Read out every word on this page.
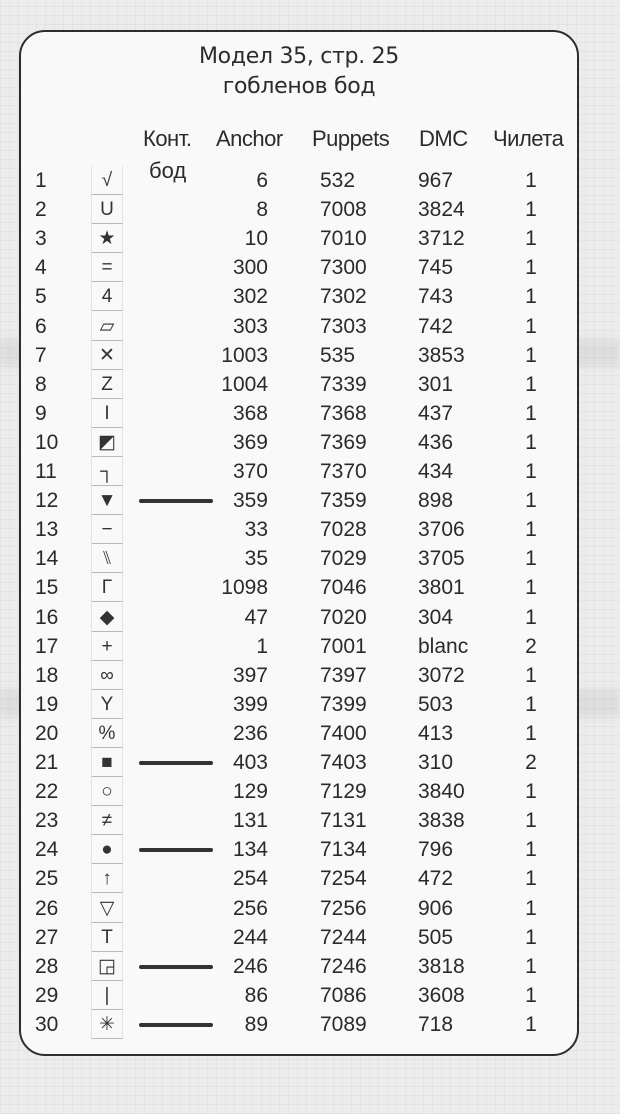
Модел 35, стр. 25
гобленов бод
Конт.
бод
Anchor Puppets DMC Чилета
1	√	6 532	967	1
2	U	8 7008 3824	1
3	★	10 7010 3712	1
4	=	300 7300 745	1
5	4	302 7302 743	1
6	▱	303 7303 742	1
7	✕	1003 535	3853	1
8	Z	1004 7339 301	1
9	I	368 7368 437	1
10	◩	369 7369 436	1
11	┐	370 7370 434	1
12	▼	359 7359 898	1
13	−	33 7028 3706	1
14	⑊	35 7029 3705	1
15	Γ	1098 7046 3801	1
16	◆	47 7020 304	1
17	+	1 7001 blanc	2
18	∞	397 7397 3072	1
19	Y	399 7399 503	1
20	%	236 7400 413	1
21	■	403 7403 310	2
22	○	129 7129 3840	1
23	≠	131 7131 3838	1
24	●	134 7134 796	1
25	↑	254 7254 472	1
26	▽	256 7256 906	1
27	T	244 7244 505	1
28	◲	246 7246 3818	1
29	|	86 7086 3608	1
30	✳	89 7089 718	1
